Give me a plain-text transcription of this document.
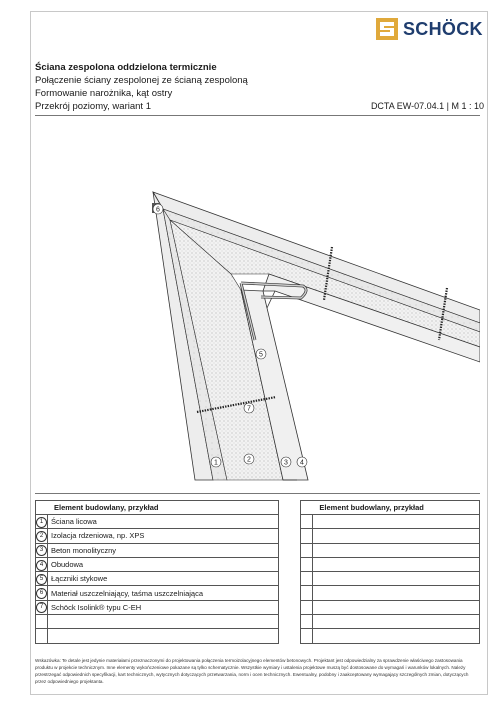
SCHÖCK
Ściana zespolona oddzielona termicznie
Połączenie ściany zespolonej ze ścianą zespoloną
Formowanie narożnika, kąt ostry
Przekrój poziomy, wariant 1	DCTA EW-07.04.1 | M 1 : 10
6
5
7
1	2	3 4
Element budowlany, przykład			Element budowlany, przykład	
1	Ściana licowa			
2	Izolacja rdzeniowa, np. XPS			
3	Beton monolityczny			
4	Obudowa			
5	Łączniki stykowe			
6	Materiał uszczelniający, taśma uszczelniająca			
7	Schöck Isolink® typu C-EH			

Wskazówka: Te detale jest jedynie materiałami przeznaczonymi do projektowania połączenia termoizolacyjnego elementów betonowych. Projektant jest odpowiedzialny za sprawdzenie właściwego zastosowania produktu w projekcie technicznym. Inne elementy wykończeniowe pokazane są tylko schematycznie. Wszystkie wymiary i ustalenia projektowe muszą być dostosowane do wymagań i warunków lokalnych. Należy przestrzegać odpowiednich specyfikacji, kart technicznych, wytycznych dotyczących przetwarzania, norm i ocen technicznych. Ewentualny, podobny i zaakceptowany wymagający szczególnych zmian, dotyczących przez odpowiedniego projektanta.
